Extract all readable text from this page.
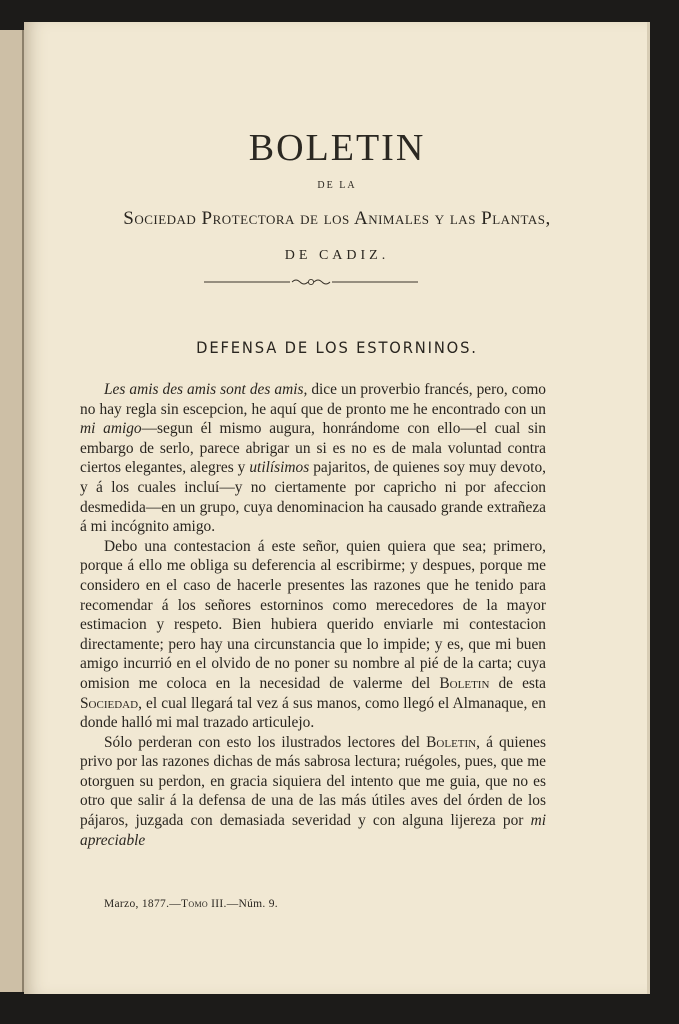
BOLETIN
DE LA
Sociedad Protectora de los Animales y las Plantas,
DE CADIZ.
DEFENSA DE LOS ESTORNINOS.

Les amis des amis sont des amis, dice un proverbio francés, pero, como no hay regla sin escepcion, he aquí que de pronto me he encontrado con un mi amigo—segun él mismo augura, honrándome con ello—el cual sin embargo de serlo, parece abrigar un si es no es de mala voluntad contra ciertos elegantes, alegres y utilísimos pajaritos, de quienes soy muy devoto, y á los cuales incluí—y no ciertamente por capricho ni por afeccion desmedida—en un grupo, cuya denominacion ha causado grande extrañeza á mi incógnito amigo.

Debo una contestacion á este señor, quien quiera que sea; primero, porque á ello me obliga su deferencia al escribirme; y despues, porque me considero en el caso de hacerle presentes las razones que he tenido para recomendar á los señores estorninos como merecedores de la mayor estimacion y respeto. Bien hubiera querido enviarle mi contestacion directamente; pero hay una circunstancia que lo impide; y es, que mi buen amigo incurrió en el olvido de no poner su nombre al pié de la carta; cuya omision me coloca en la necesidad de valerme del Boletin de esta Sociedad, el cual llegará tal vez á sus manos, como llegó el Almanaque, en donde halló mi mal trazado articulejo.

Sólo perderan con esto los ilustrados lectores del Boletin, á quienes privo por las razones dichas de más sabrosa lectura; ruégoles, pues, que me otorguen su perdon, en gracia siquiera del intento que me guia, que no es otro que salir á la defensa de una de las más útiles aves del órden de los pájaros, juzgada con demasiada severidad y con alguna lijereza por mi apreciable

Marzo, 1877.—Tomo III.—Núm. 9.
